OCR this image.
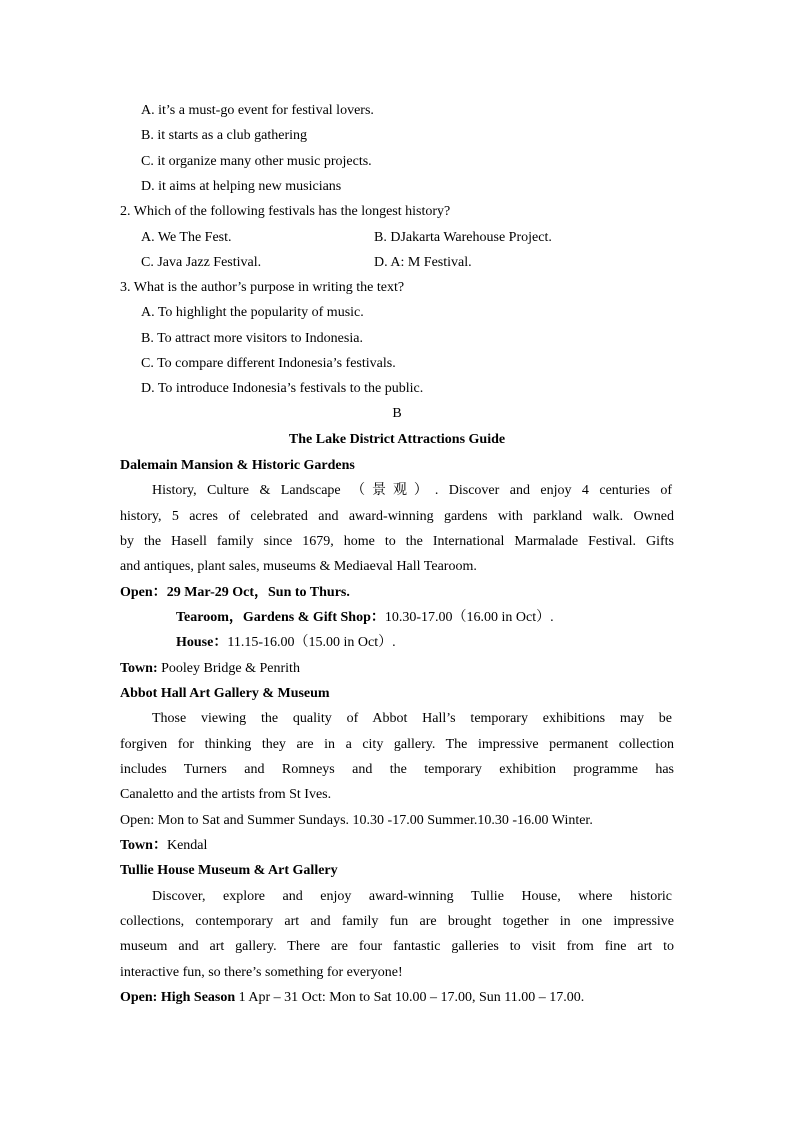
A. it’s a must-go event for festival lovers.
B. it starts as a club gathering
C. it organize many other music projects.
D. it aims at helping new musicians
2. Which of the following festivals has the longest history?
A. We The Fest.	B. DJakarta Warehouse Project.
C. Java Jazz Festival.	D. A: M Festival.
3. What is the author’s purpose in writing the text?
A. To highlight the popularity of music.
B. To attract more visitors to Indonesia.
C. To compare different Indonesia’s festivals.
D. To introduce Indonesia’s festivals to the public.
B
The Lake District Attractions Guide
Dalemain Mansion & Historic Gardens
History, Culture & Landscape （景观）. Discover and enjoy 4 centuries of
history, 5 acres of celebrated and award-winning gardens with parkland walk. Owned
by the Hasell family since 1679, home to the International Marmalade Festival. Gifts
and antiques, plant sales, museums & Mediaeval Hall Tearoom.
Open：29 Mar-29 Oct，Sun to Thurs.
Tearoom，Gardens & Gift Shop：10.30-17.00（16.00 in Oct）.
House：11.15-16.00（15.00 in Oct）.
Town: Pooley Bridge & Penrith
Abbot Hall Art Gallery & Museum
Those viewing the quality of Abbot Hall’s temporary exhibitions may be
forgiven for thinking they are in a city gallery. The impressive permanent collection
includes Turners and Romneys and the temporary exhibition programme has
Canaletto and the artists from St Ives.
Open: Mon to Sat and Summer Sundays. 10.30 -17.00 Summer.10.30 -16.00 Winter.
Town：Kendal
Tullie House Museum & Art Gallery
Discover, explore and enjoy award-winning Tullie House, where historic
collections, contemporary art and family fun are brought together in one impressive
museum and art gallery. There are four fantastic galleries to visit from fine art to
interactive fun, so there’s something for everyone!
Open: High Season 1 Apr – 31 Oct: Mon to Sat 10.00 – 17.00, Sun 11.00 – 17.00.
